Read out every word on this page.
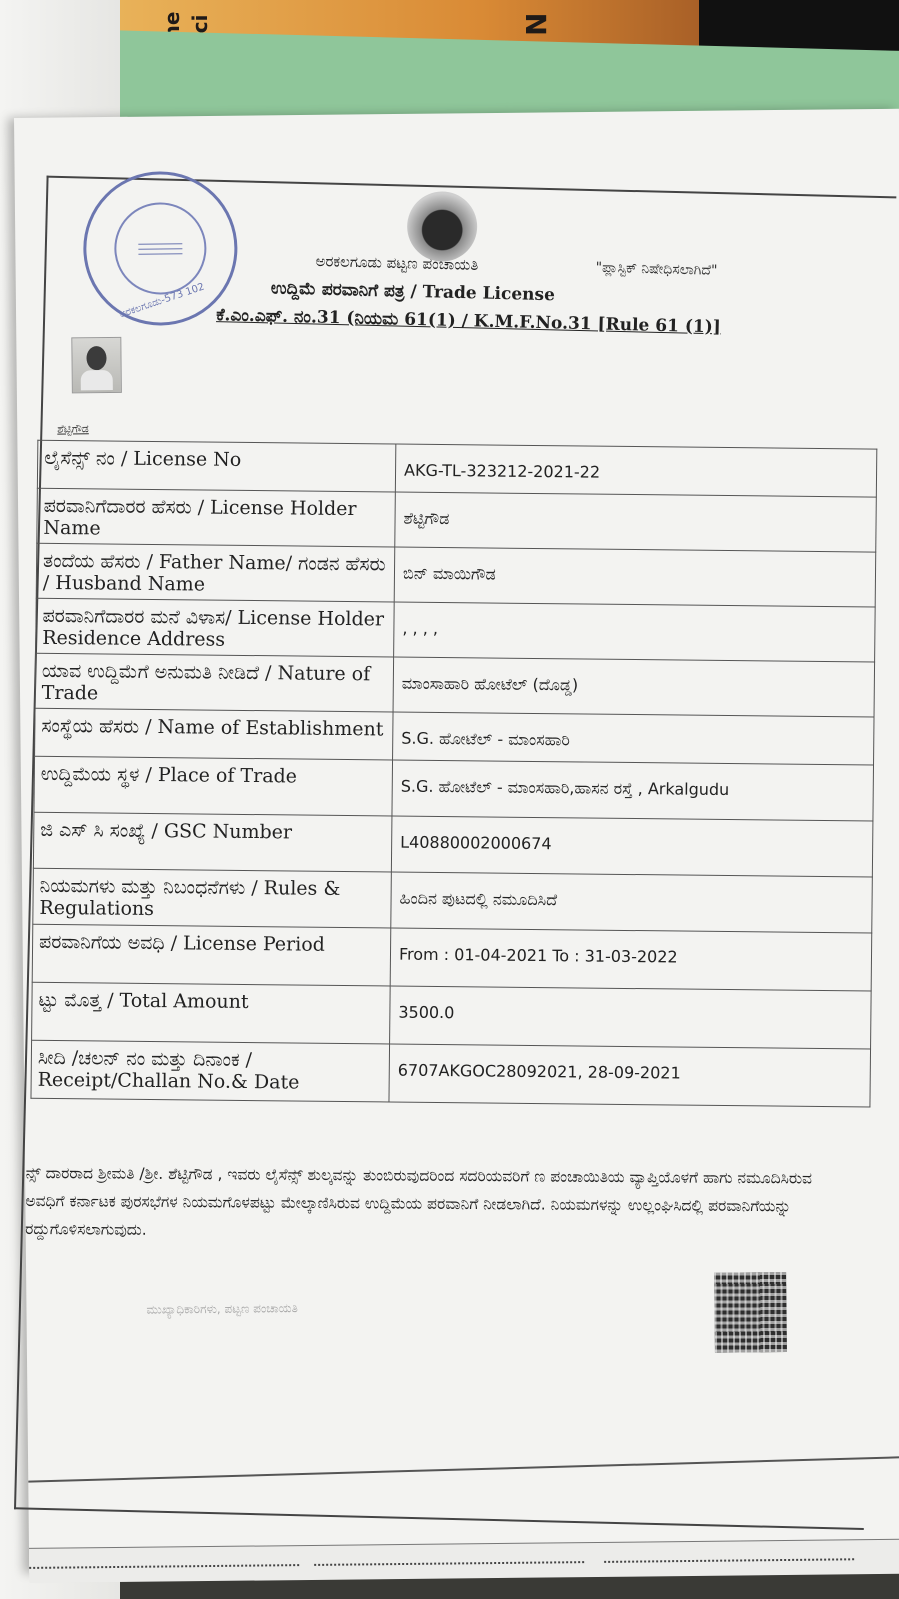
ಅರಕಲಗೂಡು-573 102
ಅರಕಲಗೂಡು ಪಟ್ಟಣ ಪಂಚಾಯತಿ
ಉದ್ದಿಮೆ ಪರವಾನಿಗೆ ಪತ್ರ / Trade License
ಕೆ.ಎಂ.ಎಫ್. ನಂ.31 (ನಿಯಮ 61(1) / K.M.F.No.31 [Rule 61 (1)]
"ಪ್ಲಾಸ್ಟಿಕ್ ನಿಷೇಧಿಸಲಾಗಿದೆ"
ಶೆಟ್ಟಿಗೌಡ
ಲೈಸೆನ್ಸ್ ನಂ / License No	AKG-TL-323212-2021-22
ಪರವಾನಿಗೆದಾರರ ಹೆಸರು / License Holder Name	ಶೆಟ್ಟಿಗೌಡ
ತಂದೆಯ ಹೆಸರು / Father Name/ ಗಂಡನ ಹೆಸರು / Husband Name	ಬಿನ್ ಮಾಯಿಗೌಡ
ಪರವಾನಿಗೆದಾರರ ಮನೆ ವಿಳಾಸ/ License Holder Residence Address	, , , ,
ಯಾವ ಉದ್ದಿಮೆಗೆ ಅನುಮತಿ ನೀಡಿದೆ / Nature of Trade	ಮಾಂಸಾಹಾರಿ ಹೋಟೆಲ್ (ದೊಡ್ಡ)
ಸಂಸ್ಥೆಯ ಹೆಸರು / Name of Establishment	S.G. ಹೋಟೆಲ್ - ಮಾಂಸಹಾರಿ
ಉದ್ದಿಮೆಯ ಸ್ಥಳ / Place of Trade	S.G. ಹೋಟೆಲ್ - ಮಾಂಸಹಾರಿ,ಹಾಸನ ರಸ್ತೆ , Arkalgudu
ಜಿ ಎಸ್ ಸಿ ಸಂಖ್ಯೆ / GSC Number	L40880002000674
ನಿಯಮಗಳು ಮತ್ತು ನಿಬಂಧನೆಗಳು / Rules & Regulations	ಹಿಂದಿನ ಪುಟದಲ್ಲಿ ನಮೂದಿಸಿದೆ
ಪರವಾನಿಗೆಯ ಅವಧಿ / License Period	From : 01-04-2021 To : 31-03-2022
ಟ್ಟು ಮೊತ್ತ / Total Amount	3500.0
ಸೀದಿ /ಚಲನ್ ನಂ ಮತ್ತು ದಿನಾಂಕ / Receipt/Challan No.& Date	6707AKGOC28092021, 28-09-2021
ನ್ಸ್ ದಾರರಾದ ಶ್ರೀಮತಿ /ಶ್ರೀ. ಶೆಟ್ಟಿಗೌಡ , ಇವರು ಲೈಸೆನ್ಸ್ ಶುಲ್ಕವನ್ನು ತುಂಬಿರುವುದರಿಂದ ಸದರಿಯವರಿಗೆ ಣ ಪಂಚಾಯಿತಿಯ ವ್ಯಾಪ್ತಿಯೊಳಗೆ ಹಾಗು ನಮೂದಿಸಿರುವ ಅವಧಿಗೆ ಕರ್ನಾಟಕ ಪುರಸಭೆಗಳ ನಿಯಮಗೊಳಪಟ್ಟು ಮೇಲ್ಕಾಣಿಸಿರುವ ಉದ್ದಿಮೆಯ ಪರವಾನಿಗೆ ನೀಡಲಾಗಿದೆ. ನಿಯಮಗಳನ್ನು ಉಲ್ಲಂಘಿಸಿದಲ್ಲಿ ಪರವಾನಿಗೆಯನ್ನು ರದ್ದುಗೊಳಿಸಲಾಗುವುದು.
ಮುಖ್ಯಾಧಿಕಾರಿಗಳು, ಪಟ್ಟಣ ಪಂಚಾಯತಿ
